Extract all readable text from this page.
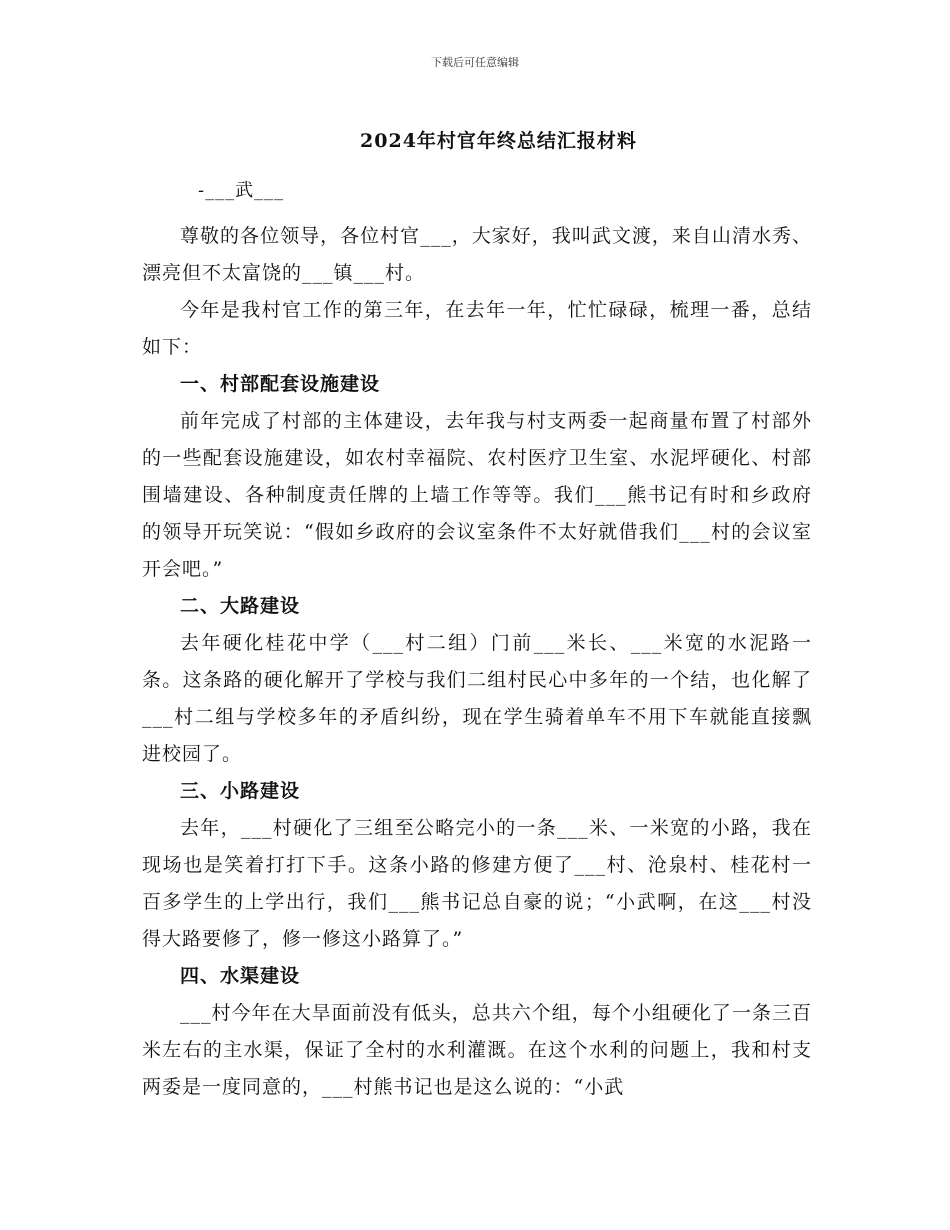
下载后可任意编辑
2024年村官年终总结汇报材料
-___武___

尊敬的各位领导，各位村官___，大家好，我叫武文渡，来自山清水秀、漂亮但不太富饶的___镇___村。

今年是我村官工作的第三年，在去年一年，忙忙碌碌，梳理一番，总结如下：

一、村部配套设施建设

前年完成了村部的主体建设，去年我与村支两委一起商量布置了村部外的一些配套设施建设，如农村幸福院、农村医疗卫生室、水泥坪硬化、村部围墙建设、各种制度责任牌的上墙工作等等。我们___熊书记有时和乡政府的领导开玩笑说：“假如乡政府的会议室条件不太好就借我们___村的会议室开会吧。”

二、大路建设

去年硬化桂花中学（___村二组）门前___米长、___米宽的水泥路一条。这条路的硬化解开了学校与我们二组村民心中多年的一个结，也化解了___村二组与学校多年的矛盾纠纷，现在学生骑着单车不用下车就能直接飘进校园了。

三、小路建设

去年，___村硬化了三组至公略完小的一条___米、一米宽的小路，我在现场也是笑着打打下手。这条小路的修建方便了___村、沧泉村、桂花村一百多学生的上学出行，我们___熊书记总自豪的说；“小武啊，在这___村没得大路要修了，修一修这小路算了。”

四、水渠建设

___村今年在大旱面前没有低头，总共六个组，每个小组硬化了一条三百米左右的主水渠，保证了全村的水利灌溉。在这个水利的问题上，我和村支两委是一度同意的，___村熊书记也是这么说的：“小武
